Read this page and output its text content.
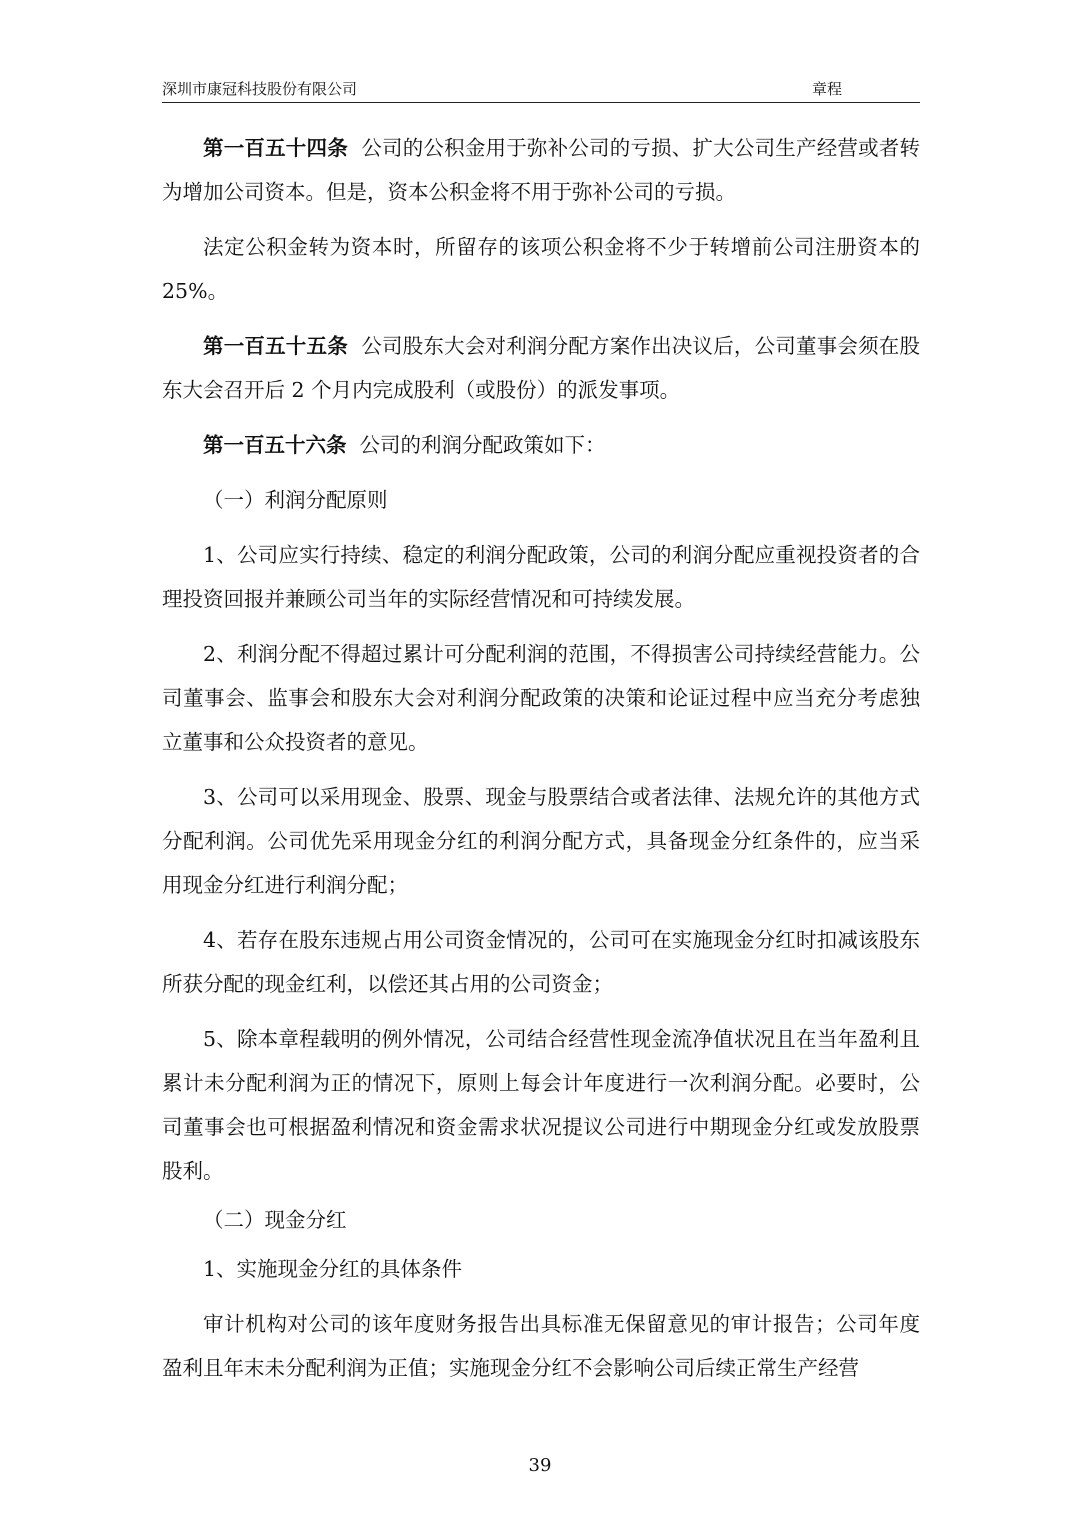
深圳市康冠科技股份有限公司	章程

第一百五十四条 公司的公积金用于弥补公司的亏损、扩大公司生产经营或者转为增加公司资本。但是，资本公积金将不用于弥补公司的亏损。

法定公积金转为资本时，所留存的该项公积金将不少于转增前公司注册资本的 25%。

第一百五十五条 公司股东大会对利润分配方案作出决议后，公司董事会须在股东大会召开后 2 个月内完成股利（或股份）的派发事项。

第一百五十六条 公司的利润分配政策如下：

（一）利润分配原则

1、公司应实行持续、稳定的利润分配政策，公司的利润分配应重视投资者的合理投资回报并兼顾公司当年的实际经营情况和可持续发展。

2、利润分配不得超过累计可分配利润的范围，不得损害公司持续经营能力。公司董事会、监事会和股东大会对利润分配政策的决策和论证过程中应当充分考虑独立董事和公众投资者的意见。

3、公司可以采用现金、股票、现金与股票结合或者法律、法规允许的其他方式分配利润。公司优先采用现金分红的利润分配方式，具备现金分红条件的，应当采用现金分红进行利润分配；

4、若存在股东违规占用公司资金情况的，公司可在实施现金分红时扣减该股东所获分配的现金红利，以偿还其占用的公司资金；

5、除本章程载明的例外情况，公司结合经营性现金流净值状况且在当年盈利且累计未分配利润为正的情况下，原则上每会计年度进行一次利润分配。必要时，公司董事会也可根据盈利情况和资金需求状况提议公司进行中期现金分红或发放股票股利。

（二）现金分红

1、实施现金分红的具体条件

审计机构对公司的该年度财务报告出具标准无保留意见的审计报告；公司年度盈利且年末未分配利润为正值；实施现金分红不会影响公司后续正常生产经营

39
